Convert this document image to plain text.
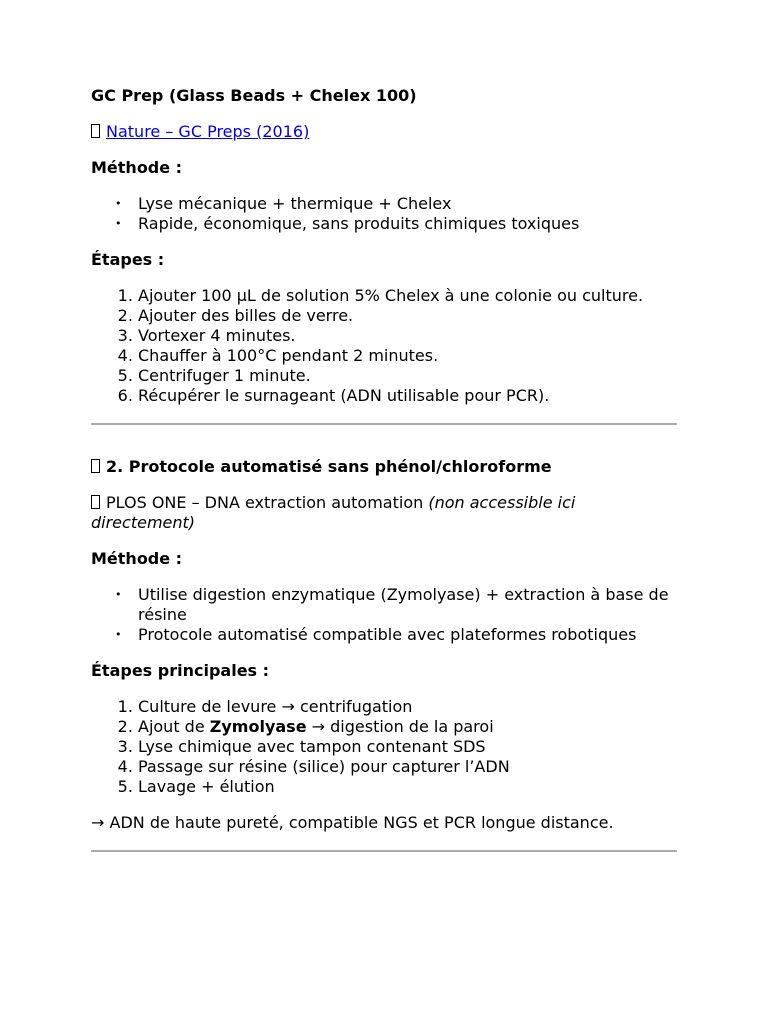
GC Prep (Glass Beads + Chelex 100)

Nature – GC Preps (2016)
Méthode :
• Lyse mécanique + thermique + Chelex
• Rapide, économique, sans produits chimiques toxiques
Étapes :
1. Ajouter 100 µL de solution 5% Chelex à une colonie ou culture.
2. Ajouter des billes de verre.
3. Vortexer 4 minutes.
4. Chauffer à 100°C pendant 2 minutes.
5. Centrifuger 1 minute.
6. Récupérer le surnageant (ADN utilisable pour PCR).
2. Protocole automatisé sans phénol/chloroforme
PLOS ONE – DNA extraction automation (non accessible ici directement)
Méthode :
• Utilise digestion enzymatique (Zymolyase) + extraction à base de résine
• Protocole automatisé compatible avec plateformes robotiques
Étapes principales :
1. Culture de levure → centrifugation
2. Ajout de Zymolyase → digestion de la paroi
3. Lyse chimique avec tampon contenant SDS
4. Passage sur résine (silice) pour capturer l’ADN
5. Lavage + élution
→ ADN de haute pureté, compatible NGS et PCR longue distance.
